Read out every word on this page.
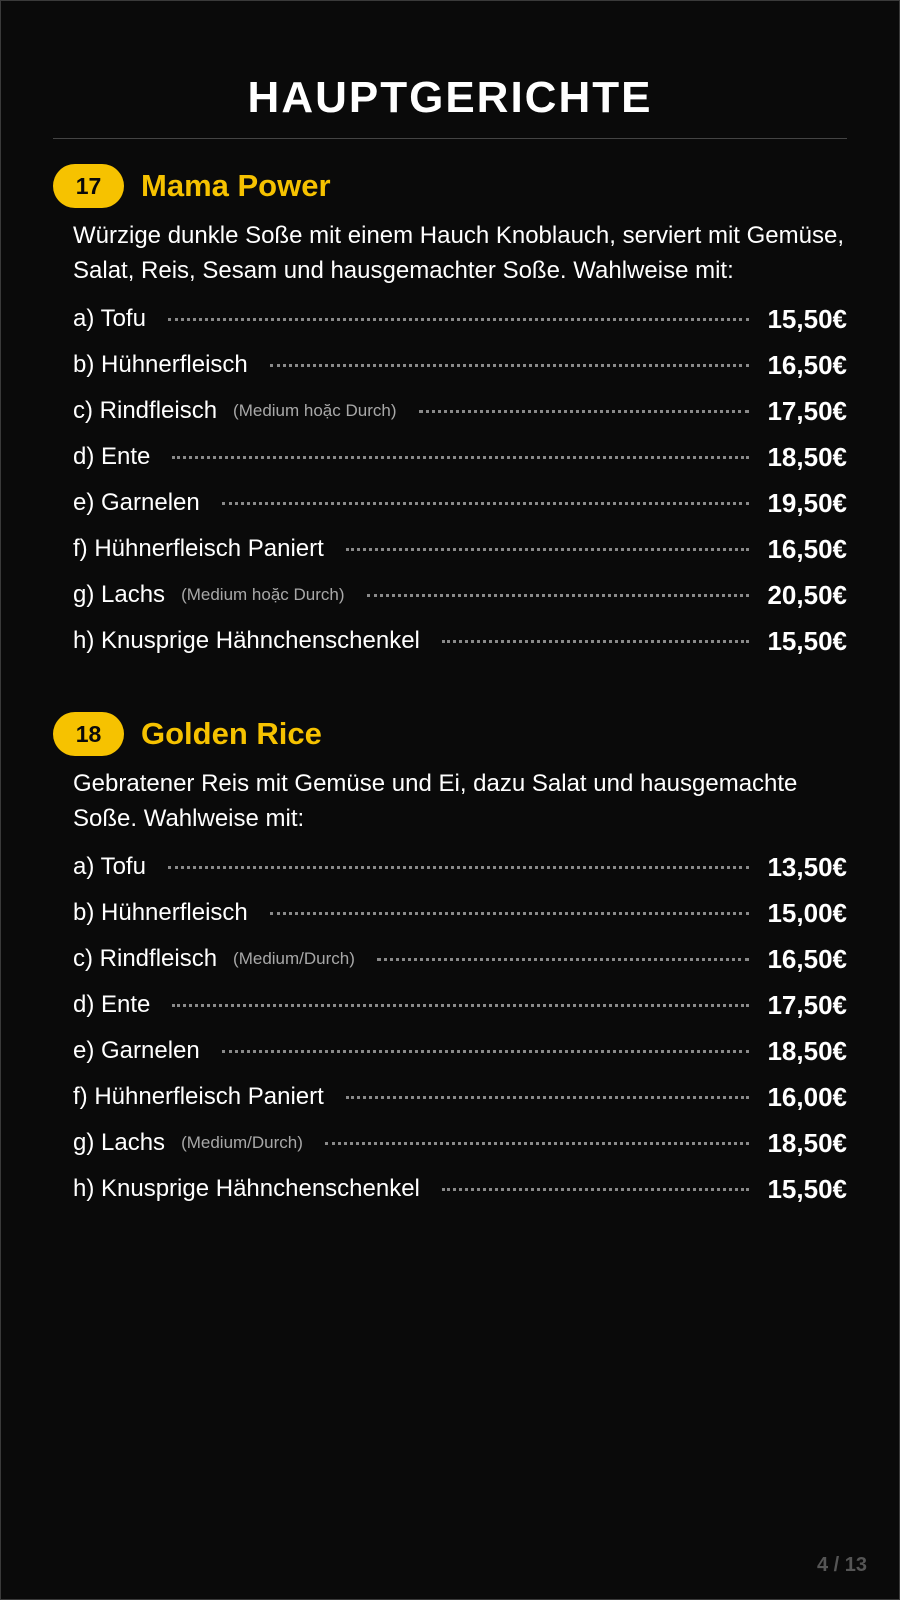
HAUPTGERICHTE
17	Mama Power

Würzige dunkle Soße mit einem Hauch Knoblauch, serviert mit Gemüse, Salat, Reis, Sesam und hausgemachter Soße. Wahlweise mit:

a) Tofu	15,50€
b) Hühnerfleisch	16,50€
c) Rindfleisch (Medium hoặc Durch)	17,50€
d) Ente	18,50€
e) Garnelen	19,50€
f) Hühnerfleisch Paniert	16,50€
g) Lachs (Medium hoặc Durch)	20,50€
h) Knusprige Hähnchenschenkel	15,50€
18	Golden Rice

Gebratener Reis mit Gemüse und Ei, dazu Salat und hausgemachte Soße. Wahlweise mit:

a) Tofu	13,50€
b) Hühnerfleisch	15,00€
c) Rindfleisch (Medium/Durch)	16,50€
d) Ente	17,50€
e) Garnelen	18,50€
f) Hühnerfleisch Paniert	16,00€
g) Lachs (Medium/Durch)	18,50€
h) Knusprige Hähnchenschenkel	15,50€
4 / 13
